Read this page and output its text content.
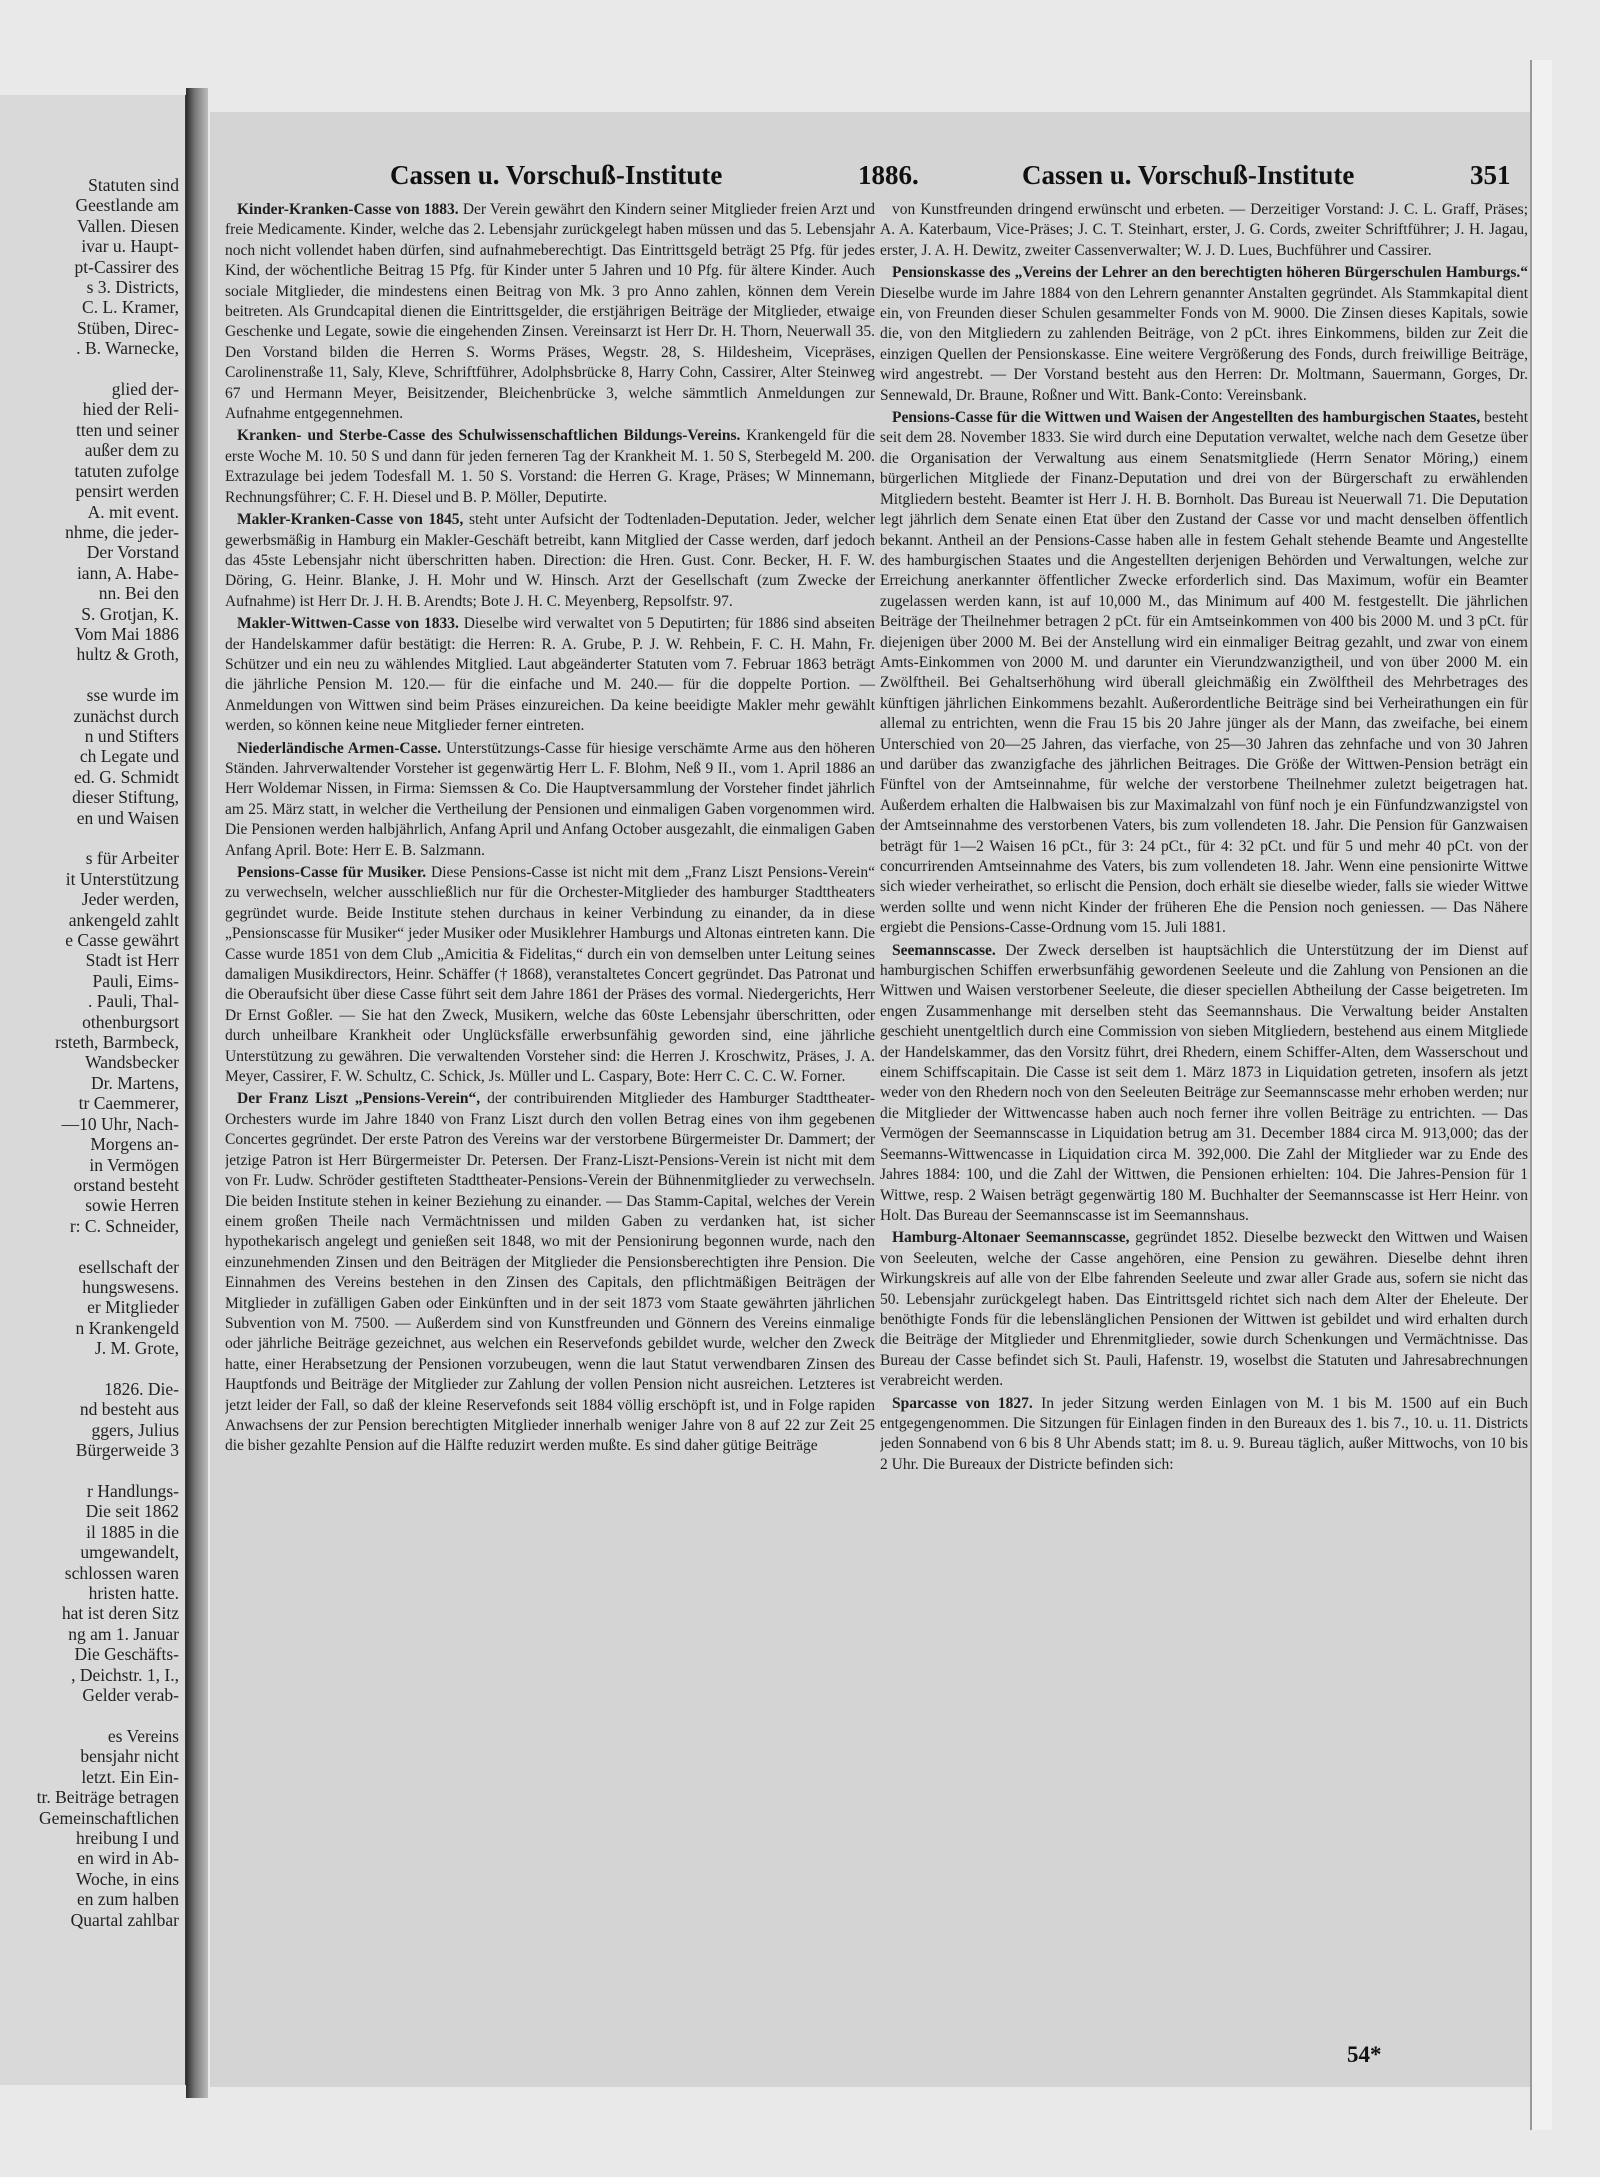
Statuten sind
Geestlande am
Vallen. Diesen
ivar u. Haupt-
pt-Cassirer des
s 3. Districts,
C. L. Kramer,
Stüben, Direc-
. B. Warnecke,

glied der-
hied der Reli-
tten und seiner
außer dem zu
tatuten zufolge
pensirt werden
A. mit event.
nhme, die jeder-
Der Vorstand
iann, A. Habe-
nn. Bei den
S. Grotjan, K.
Vom Mai 1886
hultz & Groth,

sse wurde im
zunächst durch
n und Stifters
ch Legate und
ed. G. Schmidt
dieser Stiftung,
en und Waisen

s für Arbeiter
it Unterstützung
Jeder werden,
ankengeld zahlt
e Casse gewährt
Stadt ist Herr
Pauli, Eims-
. Pauli, Thal-
othenburgsort
rsteth, Barmbeck,
Wandsbecker
Dr. Martens,
tr Caemmerer,
—10 Uhr, Nach-
Morgens an-
in Vermögen
orstand besteht
sowie Herren
r: C. Schneider,

esellschaft der
hungswesens.
er Mitglieder
n Krankengeld
J. M. Grote,

1826. Die-
nd besteht aus
ggers, Julius
Bürgerweide 3

r Handlungs-
Die seit 1862
il 1885 in die
umgewandelt,
schlossen waren
hristen hatte.
hat ist deren Sitz
ng am 1. Januar
Die Geschäfts-
, Deichstr. 1, I.,
Gelder verab-

es Vereins
bensjahr nicht
letzt. Ein Ein-
tr. Beiträge betragen
Gemeinschaftlichen
hreibung I und
en wird in Ab-
Woche, in eins
en zum halben
Quartal zahlbar
Cassen u. Vorschuß-Institute	1886.	Cassen u. Vorschuß-Institute	351

Kinder-Kranken-Casse von 1883. Der Verein gewährt den Kindern seiner Mitglieder freien Arzt und freie Medicamente. Kinder, welche das 2. Lebensjahr zurückgelegt haben müssen und das 5. Lebensjahr noch nicht vollendet haben dürfen, sind aufnahmeberechtigt. Das Eintrittsgeld beträgt 25 Pfg. für jedes Kind, der wöchentliche Beitrag 15 Pfg. für Kinder unter 5 Jahren und 10 Pfg. für ältere Kinder. Auch sociale Mitglieder, die mindestens einen Beitrag von Mk. 3 pro Anno zahlen, können dem Verein beitreten. Als Grundcapital dienen die Eintrittsgelder, die erstjährigen Beiträge der Mitglieder, etwaige Geschenke und Legate, sowie die eingehenden Zinsen. Vereinsarzt ist Herr Dr. H. Thorn, Neuerwall 35. Den Vorstand bilden die Herren S. Worms Präses, Wegstr. 28, S. Hildesheim, Vicepräses, Carolinenstraße 11, Saly, Kleve, Schriftführer, Adolphsbrücke 8, Harry Cohn, Cassirer, Alter Steinweg 67 und Hermann Meyer, Beisitzender, Bleichenbrücke 3, welche sämmtlich Anmeldungen zur Aufnahme entgegennehmen.

Kranken- und Sterbe-Casse des Schulwissenschaftlichen Bildungs-Vereins. Krankengeld für die erste Woche M. 10. 50 S und dann für jeden ferneren Tag der Krankheit M. 1. 50 S, Sterbegeld M. 200. Extrazulage bei jedem Todesfall M. 1. 50 S. Vorstand: die Herren G. Krage, Präses; W Minnemann, Rechnungsführer; C. F. H. Diesel und B. P. Möller, Deputirte.

Makler-Kranken-Casse von 1845, steht unter Aufsicht der Todtenladen-Deputation. Jeder, welcher gewerbsmäßig in Hamburg ein Makler-Geschäft betreibt, kann Mitglied der Casse werden, darf jedoch das 45ste Lebensjahr nicht überschritten haben. Direction: die Hren. Gust. Conr. Becker, H. F. W. Döring, G. Heinr. Blanke, J. H. Mohr und W. Hinsch. Arzt der Gesellschaft (zum Zwecke der Aufnahme) ist Herr Dr. J. H. B. Arendts; Bote J. H. C. Meyenberg, Repsolfstr. 97.

Makler-Wittwen-Casse von 1833. Dieselbe wird verwaltet von 5 Deputirten; für 1886 sind abseiten der Handelskammer dafür bestätigt: die Herren: R. A. Grube, P. J. W. Rehbein, F. C. H. Mahn, Fr. Schützer und ein neu zu wählendes Mitglied. Laut abgeänderter Statuten vom 7. Februar 1863 beträgt die jährliche Pension M. 120.— für die einfache und M. 240.— für die doppelte Portion. — Anmeldungen von Wittwen sind beim Präses einzureichen. Da keine beeidigte Makler mehr gewählt werden, so können keine neue Mitglieder ferner eintreten.

Niederländische Armen-Casse. Unterstützungs-Casse für hiesige verschämte Arme aus den höheren Ständen. Jahrverwaltender Vorsteher ist gegenwärtig Herr L. F. Blohm, Neß 9 II., vom 1. April 1886 an Herr Woldemar Nissen, in Firma: Siemssen & Co. Die Hauptversammlung der Vorsteher findet jährlich am 25. März statt, in welcher die Vertheilung der Pensionen und einmaligen Gaben vorgenommen wird. Die Pensionen werden halbjährlich, Anfang April und Anfang October ausgezahlt, die einmaligen Gaben Anfang April. Bote: Herr E. B. Salzmann.

Pensions-Casse für Musiker. Diese Pensions-Casse ist nicht mit dem „Franz Liszt Pensions-Verein“ zu verwechseln, welcher ausschließlich nur für die Orchester-Mitglieder des hamburger Stadttheaters gegründet wurde. Beide Institute stehen durchaus in keiner Verbindung zu einander, da in diese „Pensionscasse für Musiker“ jeder Musiker oder Musiklehrer Hamburgs und Altonas eintreten kann. Die Casse wurde 1851 von dem Club „Amicitia & Fidelitas,“ durch ein von demselben unter Leitung seines damaligen Musikdirectors, Heinr. Schäffer († 1868), veranstaltetes Concert gegründet. Das Patronat und die Oberaufsicht über diese Casse führt seit dem Jahre 1861 der Präses des vormal. Niedergerichts, Herr Dr Ernst Goßler. — Sie hat den Zweck, Musikern, welche das 60ste Lebensjahr überschritten, oder durch unheilbare Krankheit oder Unglücksfälle erwerbsunfähig geworden sind, eine jährliche Unterstützung zu gewähren. Die verwaltenden Vorsteher sind: die Herren J. Kroschwitz, Präses, J. A. Meyer, Cassirer, F. W. Schultz, C. Schick, Js. Müller und L. Caspary, Bote: Herr C. C. C. W. Forner.

Der Franz Liszt „Pensions-Verein“, der contribuirenden Mitglieder des Hamburger Stadttheater-Orchesters wurde im Jahre 1840 von Franz Liszt durch den vollen Betrag eines von ihm gegebenen Concertes gegründet. Der erste Patron des Vereins war der verstorbene Bürgermeister Dr. Dammert; der jetzige Patron ist Herr Bürgermeister Dr. Petersen. Der Franz-Liszt-Pensions-Verein ist nicht mit dem von Fr. Ludw. Schröder gestifteten Stadttheater-Pensions-Verein der Bühnenmitglieder zu verwechseln. Die beiden Institute stehen in keiner Beziehung zu einander. — Das Stamm-Capital, welches der Verein einem großen Theile nach Vermächtnissen und milden Gaben zu verdanken hat, ist sicher hypothekarisch angelegt und genießen seit 1848, wo mit der Pensionirung begonnen wurde, nach den einzunehmenden Zinsen und den Beiträgen der Mitglieder die Pensionsberechtigten ihre Pension. Die Einnahmen des Vereins bestehen in den Zinsen des Capitals, den pflichtmäßigen Beiträgen der Mitglieder in zufälligen Gaben oder Einkünften und in der seit 1873 vom Staate gewährten jährlichen Subvention von M. 7500. — Außerdem sind von Kunstfreunden und Gönnern des Vereins einmalige oder jährliche Beiträge gezeichnet, aus welchen ein Reservefonds gebildet wurde, welcher den Zweck hatte, einer Herabsetzung der Pensionen vorzubeugen, wenn die laut Statut verwendbaren Zinsen des Hauptfonds und Beiträge der Mitglieder zur Zahlung der vollen Pension nicht ausreichen. Letzteres ist jetzt leider der Fall, so daß der kleine Reservefonds seit 1884 völlig erschöpft ist, und in Folge rapiden Anwachsens der zur Pension berechtigten Mitglieder innerhalb weniger Jahre von 8 auf 22 zur Zeit 25 die bisher gezahlte Pension auf die Hälfte reduzirt werden mußte. Es sind daher gütige Beiträge

von Kunstfreunden dringend erwünscht und erbeten. — Derzeitiger Vorstand: J. C. L. Graff, Präses; A. A. Katerbaum, Vice-Präses; J. C. T. Steinhart, erster, J. G. Cords, zweiter Schriftführer; J. H. Jagau, erster, J. A. H. Dewitz, zweiter Cassenverwalter; W. J. D. Lues, Buchführer und Cassirer.

Pensionskasse des „Vereins der Lehrer an den berechtigten höheren Bürgerschulen Hamburgs.“ Dieselbe wurde im Jahre 1884 von den Lehrern genannter Anstalten gegründet. Als Stammkapital dient ein, von Freunden dieser Schulen gesammelter Fonds von M. 9000. Die Zinsen dieses Kapitals, sowie die, von den Mitgliedern zu zahlenden Beiträge, von 2 pCt. ihres Einkommens, bilden zur Zeit die einzigen Quellen der Pensionskasse. Eine weitere Vergrößerung des Fonds, durch freiwillige Beiträge, wird angestrebt. — Der Vorstand besteht aus den Herren: Dr. Moltmann, Sauermann, Gorges, Dr. Sennewald, Dr. Braune, Roßner und Witt. Bank-Conto: Vereinsbank.

Pensions-Casse für die Wittwen und Waisen der Angestellten des hamburgischen Staates, besteht seit dem 28. November 1833. Sie wird durch eine Deputation verwaltet, welche nach dem Gesetze über die Organisation der Verwaltung aus einem Senatsmitgliede (Herrn Senator Möring,) einem bürgerlichen Mitgliede der Finanz-Deputation und drei von der Bürgerschaft zu erwählenden Mitgliedern besteht. Beamter ist Herr J. H. B. Bornholt. Das Bureau ist Neuerwall 71. Die Deputation legt jährlich dem Senate einen Etat über den Zustand der Casse vor und macht denselben öffentlich bekannt. Antheil an der Pensions-Casse haben alle in festem Gehalt stehende Beamte und Angestellte des hamburgischen Staates und die Angestellten derjenigen Behörden und Verwaltungen, welche zur Erreichung anerkannter öffentlicher Zwecke erforderlich sind. Das Maximum, wofür ein Beamter zugelassen werden kann, ist auf 10,000 M., das Minimum auf 400 M. festgestellt. Die jährlichen Beiträge der Theilnehmer betragen 2 pCt. für ein Amtseinkommen von 400 bis 2000 M. und 3 pCt. für diejenigen über 2000 M. Bei der Anstellung wird ein einmaliger Beitrag gezahlt, und zwar von einem Amts-Einkommen von 2000 M. und darunter ein Vierundzwanzigtheil, und von über 2000 M. ein Zwölftheil. Bei Gehaltserhöhung wird überall gleichmäßig ein Zwölftheil des Mehrbetrages des künftigen jährlichen Einkommens bezahlt. Außerordentliche Beiträge sind bei Verheirathungen ein für allemal zu entrichten, wenn die Frau 15 bis 20 Jahre jünger als der Mann, das zweifache, bei einem Unterschied von 20—25 Jahren, das vierfache, von 25—30 Jahren das zehnfache und von 30 Jahren und darüber das zwanzigfache des jährlichen Beitrages. Die Größe der Wittwen-Pension beträgt ein Fünftel von der Amtseinnahme, für welche der verstorbene Theilnehmer zuletzt beigetragen hat. Außerdem erhalten die Halbwaisen bis zur Maximalzahl von fünf noch je ein Fünfundzwanzigstel von der Amtseinnahme des verstorbenen Vaters, bis zum vollendeten 18. Jahr. Die Pension für Ganzwaisen beträgt für 1—2 Waisen 16 pCt., für 3: 24 pCt., für 4: 32 pCt. und für 5 und mehr 40 pCt. von der concurrirenden Amtseinnahme des Vaters, bis zum vollendeten 18. Jahr. Wenn eine pensionirte Wittwe sich wieder verheirathet, so erlischt die Pension, doch erhält sie dieselbe wieder, falls sie wieder Wittwe werden sollte und wenn nicht Kinder der früheren Ehe die Pension noch geniessen. — Das Nähere ergiebt die Pensions-Casse-Ordnung vom 15. Juli 1881.

Seemannscasse. Der Zweck derselben ist hauptsächlich die Unterstützung der im Dienst auf hamburgischen Schiffen erwerbsunfähig gewordenen Seeleute und die Zahlung von Pensionen an die Wittwen und Waisen verstorbener Seeleute, die dieser speciellen Abtheilung der Casse beigetreten. Im engen Zusammenhange mit derselben steht das Seemannshaus. Die Verwaltung beider Anstalten geschieht unentgeltlich durch eine Commission von sieben Mitgliedern, bestehend aus einem Mitgliede der Handelskammer, das den Vorsitz führt, drei Rhedern, einem Schiffer-Alten, dem Wasserschout und einem Schiffscapitain. Die Casse ist seit dem 1. März 1873 in Liquidation getreten, insofern als jetzt weder von den Rhedern noch von den Seeleuten Beiträge zur Seemannscasse mehr erhoben werden; nur die Mitglieder der Wittwencasse haben auch noch ferner ihre vollen Beiträge zu entrichten. — Das Vermögen der Seemannscasse in Liquidation betrug am 31. December 1884 circa M. 913,000; das der Seemanns-Wittwencasse in Liquidation circa M. 392,000. Die Zahl der Mitglieder war zu Ende des Jahres 1884: 100, und die Zahl der Wittwen, die Pensionen erhielten: 104. Die Jahres-Pension für 1 Wittwe, resp. 2 Waisen beträgt gegenwärtig 180 M. Buchhalter der Seemannscasse ist Herr Heinr. von Holt. Das Bureau der Seemannscasse ist im Seemannshaus.

Hamburg-Altonaer Seemannscasse, gegründet 1852. Dieselbe bezweckt den Wittwen und Waisen von Seeleuten, welche der Casse angehören, eine Pension zu gewähren. Dieselbe dehnt ihren Wirkungskreis auf alle von der Elbe fahrenden Seeleute und zwar aller Grade aus, sofern sie nicht das 50. Lebensjahr zurückgelegt haben. Das Eintrittsgeld richtet sich nach dem Alter der Eheleute. Der benöthigte Fonds für die lebenslänglichen Pensionen der Wittwen ist gebildet und wird erhalten durch die Beiträge der Mitglieder und Ehrenmitglieder, sowie durch Schenkungen und Vermächtnisse. Das Bureau der Casse befindet sich St. Pauli, Hafenstr. 19, woselbst die Statuten und Jahresabrechnungen verabreicht werden.

Sparcasse von 1827. In jeder Sitzung werden Einlagen von M. 1 bis M. 1500 auf ein Buch entgegengenommen. Die Sitzungen für Einlagen finden in den Bureaux des 1. bis 7., 10. u. 11. Districts jeden Sonnabend von 6 bis 8 Uhr Abends statt; im 8. u. 9. Bureau täglich, außer Mittwochs, von 10 bis 2 Uhr. Die Bureaux der Districte befinden sich:

54*
